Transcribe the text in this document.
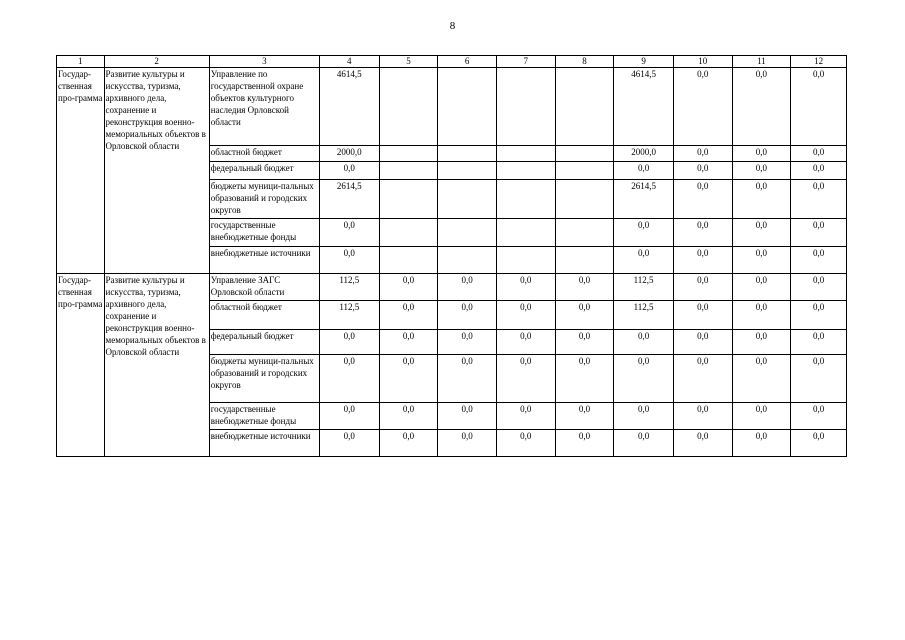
8
1	2	3	4	5	6	7	8	9	10	11	12
Государ-ственная про-грамма	Развитие культуры и искусства, туризма, архивного дела, сохранение и реконструкция военно-мемориальных объектов в Орловской области	Управление по государственной охране объектов культурного наследия Орловской области	4614,5					4614,5	0,0	0,0	0,0
		областной бюджет	2000,0					2000,0	0,0	0,0	0,0
		федеральный бюджет	0,0					0,0	0,0	0,0	0,0
		бюджеты муници-пальных образований и городских округов	2614,5					2614,5	0,0	0,0	0,0
		государственные внебюджетные фонды	0,0					0,0	0,0	0,0	0,0
		внебюджетные источники	0,0					0,0	0,0	0,0	0,0
Государ-ственная про-грамма	Развитие культуры и искусства, туризма, архивного дела, сохранение и реконструкция военно-мемориальных объектов в Орловской области	Управление ЗАГС Орловской области	112,5	0,0	0,0	0,0	0,0	112,5	0,0	0,0	0,0
		областной бюджет	112,5	0,0	0,0	0,0	0,0	112,5	0,0	0,0	0,0
		федеральный бюджет	0,0	0,0	0,0	0,0	0,0	0,0	0,0	0,0	0,0
		бюджеты муници-пальных образований и городских округов	0,0	0,0	0,0	0,0	0,0	0,0	0,0	0,0	0,0
		государственные внебюджетные фонды	0,0	0,0	0,0	0,0	0,0	0,0	0,0	0,0	0,0
		внебюджетные источники	0,0	0,0	0,0	0,0	0,0	0,0	0,0	0,0	0,0
